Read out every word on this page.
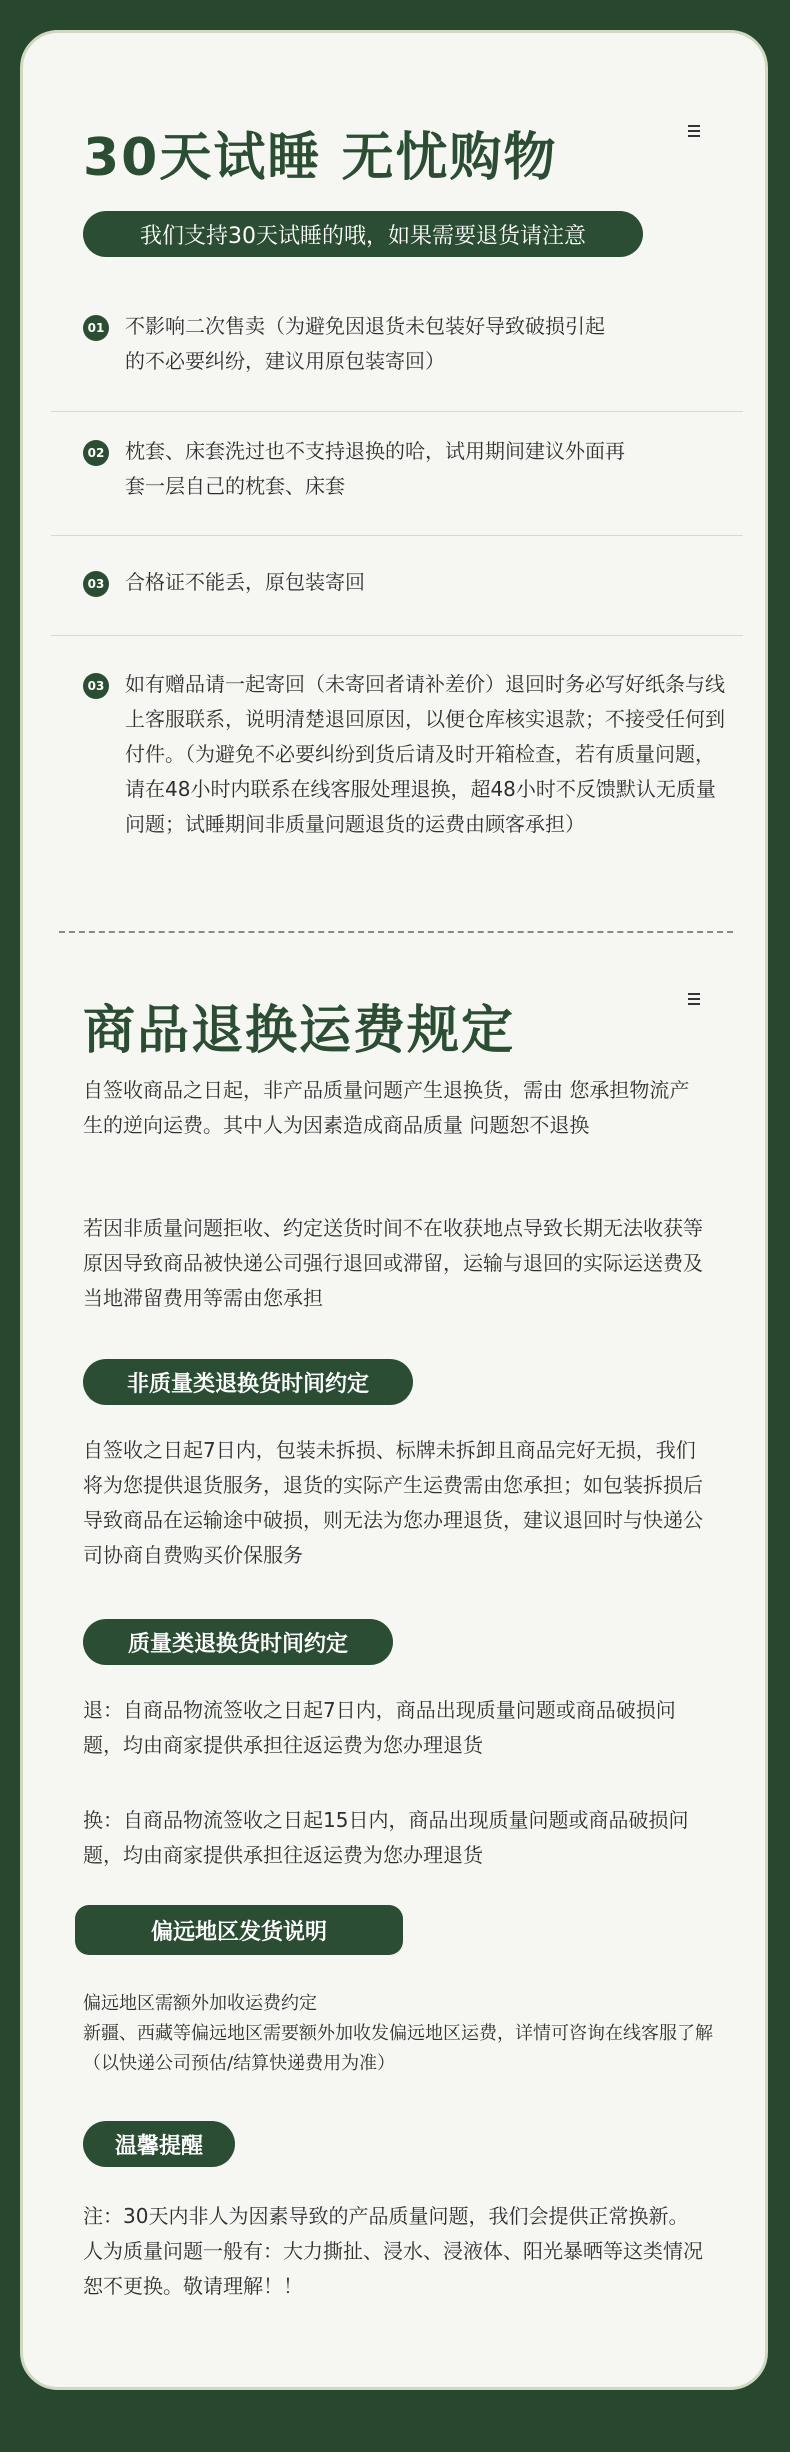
30天试睡 无忧购物
我们支持30天试睡的哦，如果需要退货请注意
01 不影响二次售卖（为避免因退货未包装好导致破损引起的不必要纠纷，建议用原包装寄回）
02 枕套、床套洗过也不支持退换的哈，试用期间建议外面再套一层自己的枕套、床套
03 合格证不能丢，原包装寄回
03 如有赠品请一起寄回（未寄回者请补差价）退回时务必写好纸条与线上客服联系，说明清楚退回原因，以便仓库核实退款；不接受任何到付件。（为避免不必要纠纷到货后请及时开箱检查，若有质量问题，请在48小时内联系在线客服处理退换，超48小时不反馈默认无质量问题；试睡期间非质量问题退货的运费由顾客承担）
商品退换运费规定
自签收商品之日起，非产品质量问题产生退换货，需由 您承担物流产生的逆向运费。其中人为因素造成商品质量 问题恕不退换
若因非质量问题拒收、约定送货时间不在收获地点导致长期无法收获等原因导致商品被快递公司强行退回或滞留，运输与退回的实际运送费及当地滞留费用等需由您承担
非质量类退换货时间约定
自签收之日起7日内，包装未拆损、标牌未拆卸且商品完好无损，我们将为您提供退货服务，退货的实际产生运费需由您承担；如包装拆损后导致商品在运输途中破损，则无法为您办理退货，建议退回时与快递公司协商自费购买价保服务
质量类退换货时间约定
退：自商品物流签收之日起7日内，商品出现质量问题或商品破损问题，均由商家提供承担往返运费为您办理退货
换：自商品物流签收之日起15日内，商品出现质量问题或商品破损问题，均由商家提供承担往返运费为您办理退货
偏远地区发货说明
偏远地区需额外加收运费约定
新疆、西藏等偏远地区需要额外加收发偏远地区运费，详情可咨询在线客服了解（以快递公司预估/结算快递费用为准）
温馨提醒
注：30天内非人为因素导致的产品质量问题，我们会提供正常换新。人为质量问题一般有：大力撕扯、浸水、浸液体、阳光暴晒等这类情况恕不更换。敬请理解！！
